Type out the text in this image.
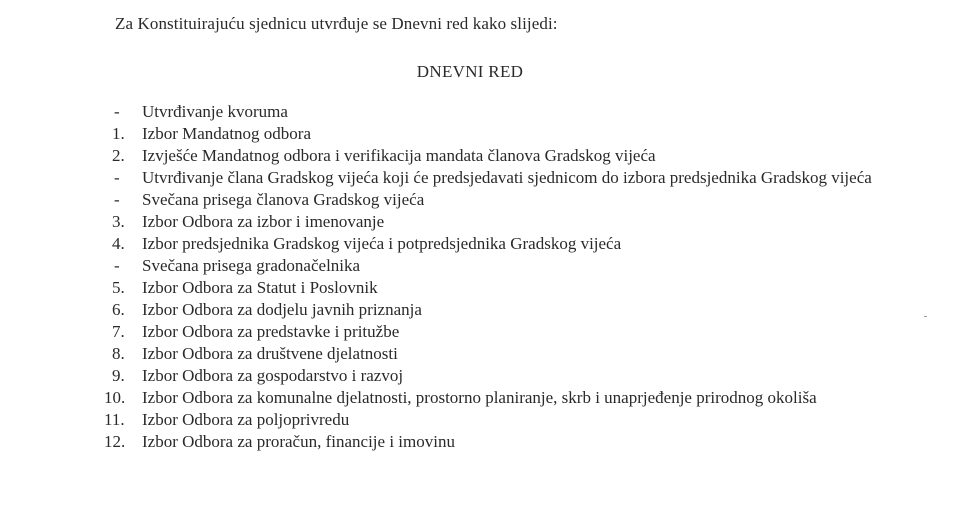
Za Konstituirajuću sjednicu utvrđuje se Dnevni red kako slijedi:
DNEVNI RED
-	Utvrđivanje kvoruma
1.	Izbor Mandatnog odbora
2.	Izvješće Mandatnog odbora i verifikacija mandata članova Gradskog vijeća
-	Utvrđivanje člana Gradskog vijeća koji će predsjedavati sjednicom do izbora predsjednika Gradskog vijeća
-	Svečana prisega članova Gradskog vijeća
3.	Izbor Odbora za izbor i imenovanje
4.	Izbor predsjednika Gradskog vijeća i potpredsjednika Gradskog vijeća
-	Svečana prisega gradonačelnika
5.	Izbor Odbora za Statut i Poslovnik
6.	Izbor Odbora za dodjelu javnih priznanja
7.	Izbor Odbora za predstavke i pritužbe
8.	Izbor Odbora za društvene djelatnosti
9.	Izbor Odbora za gospodarstvo i razvoj
10. Izbor Odbora za komunalne djelatnosti, prostorno planiranje, skrb i unaprjeđenje prirodnog okoliša
11.	Izbor Odbora za poljoprivredu
12. Izbor Odbora za proračun, financije i imovinu
